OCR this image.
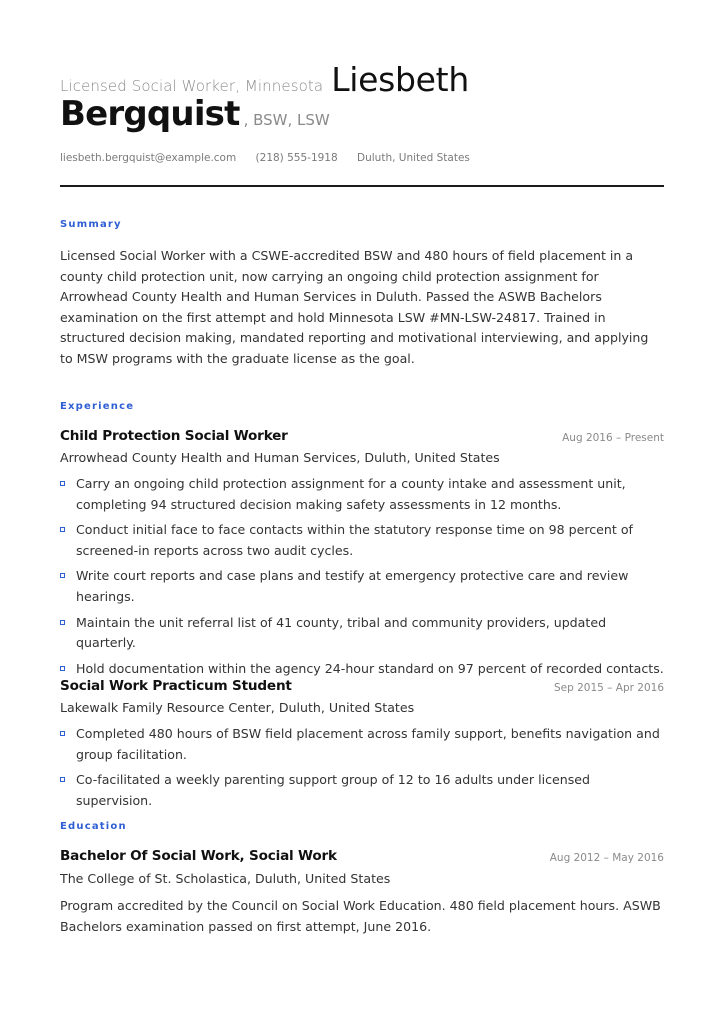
Licensed Social Worker, Minnesota Liesbeth
Bergquist , BSW, LSW
liesbeth.bergquist@example.com (218) 555-1918 Duluth, United States
Summary
Licensed Social Worker with a CSWE-accredited BSW and 480 hours of field placement in a county child protection unit, now carrying an ongoing child protection assignment for Arrowhead County Health and Human Services in Duluth. Passed the ASWB Bachelors examination on the first attempt and hold Minnesota LSW #MN-LSW-24817. Trained in structured decision making, mandated reporting and motivational interviewing, and applying to MSW programs with the graduate license as the goal.
Experience
Child Protection Social Worker	Aug 2016 – Present
Arrowhead County Health and Human Services, Duluth, United States
Carry an ongoing child protection assignment for a county intake and assessment unit, completing 94 structured decision making safety assessments in 12 months.
Conduct initial face to face contacts within the statutory response time on 98 percent of screened-in reports across two audit cycles.
Write court reports and case plans and testify at emergency protective care and review hearings.
Maintain the unit referral list of 41 county, tribal and community providers, updated quarterly.
Hold documentation within the agency 24-hour standard on 97 percent of recorded contacts.
Social Work Practicum Student	Sep 2015 – Apr 2016
Lakewalk Family Resource Center, Duluth, United States
Completed 480 hours of BSW field placement across family support, benefits navigation and group facilitation.
Co-facilitated a weekly parenting support group of 12 to 16 adults under licensed supervision.
Education
Bachelor Of Social Work, Social Work	Aug 2012 – May 2016
The College of St. Scholastica, Duluth, United States
Program accredited by the Council on Social Work Education. 480 field placement hours. ASWB Bachelors examination passed on first attempt, June 2016.
